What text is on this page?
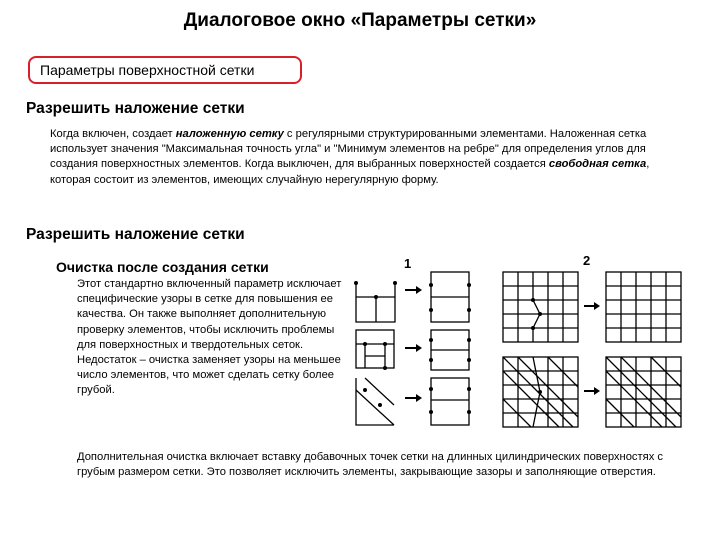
Диалоговое окно «Параметры сетки»
Параметры поверхностной сетки
Разрешить наложение сетки

Когда включен, создает наложенную сетку с регулярными структурированными элементами. Наложенная сетка использует значения "Максимальная точность угла" и "Минимум элементов на ребре" для определения углов для создания поверхностных элементов. Когда выключен, для выбранных поверхностей создается свободная сетка, которая состоит из элементов, имеющих случайную нерегулярную форму.

Разрешить наложение сетки
Очистка после создания сетки

Этот стандартно включенный параметр исключает специфические узоры в сетке для повышения ее качества. Он также выполняет дополнительную проверку элементов, чтобы исключить проблемы для поверхностных и твердотельных сеток. Недостаток – очистка заменяет узоры на меньшее число элементов, что может сделать сетку более грубой.

Дополнительная очистка включает вставку добавочных точек сетки на длинных цилиндрических поверхностях с грубым размером сетки. Это позволяет исключить элементы, закрывающие зазоры и заполняющие отверстия.

1	2
